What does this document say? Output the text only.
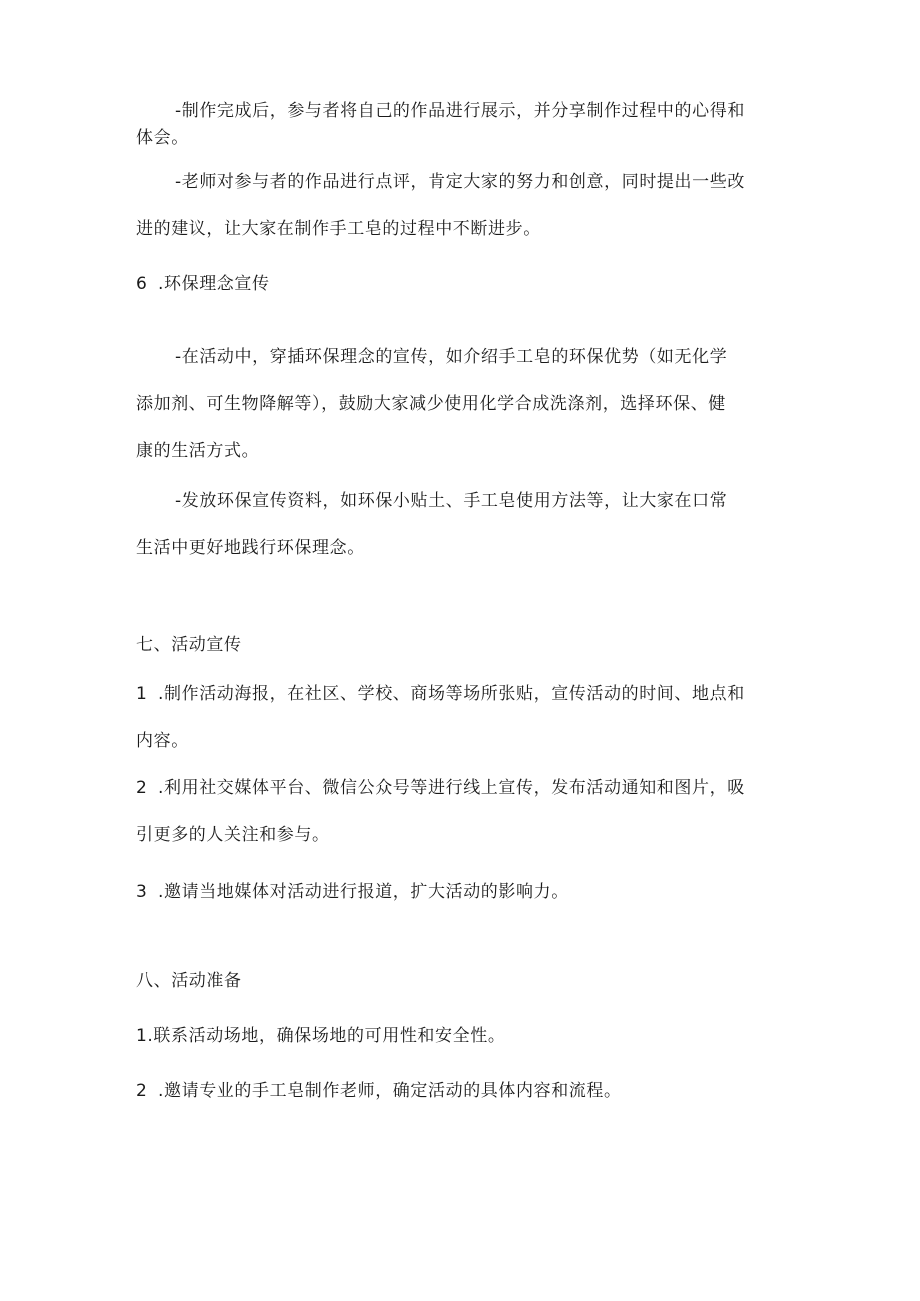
-制作完成后，参与者将自己的作品进行展示，并分享制作过程中的心得和
体会。
-老师对参与者的作品进行点评，肯定大家的努力和创意，同时提出一些改
进的建议，让大家在制作手工皂的过程中不断进步。
6 .环保理念宣传
-在活动中，穿插环保理念的宣传，如介绍手工皂的环保优势（如无化学
添加剂、可生物降解等），鼓励大家减少使用化学合成洗涤剂，选择环保、健
康的生活方式。
-发放环保宣传资料，如环保小贴土、手工皂使用方法等，让大家在口常
生活中更好地践行环保理念。
七、活动宣传
1 .制作活动海报，在社区、学校、商场等场所张贴，宣传活动的时间、地点和
内容。
2 .利用社交媒体平台、微信公众号等进行线上宣传，发布活动通知和图片，吸
引更多的人关注和参与。
3 .邀请当地媒体对活动进行报道，扩大活动的影响力。
八、活动准备
1.联系活动场地，确保场地的可用性和安全性。
2 .邀请专业的手工皂制作老师，确定活动的具体内容和流程。
